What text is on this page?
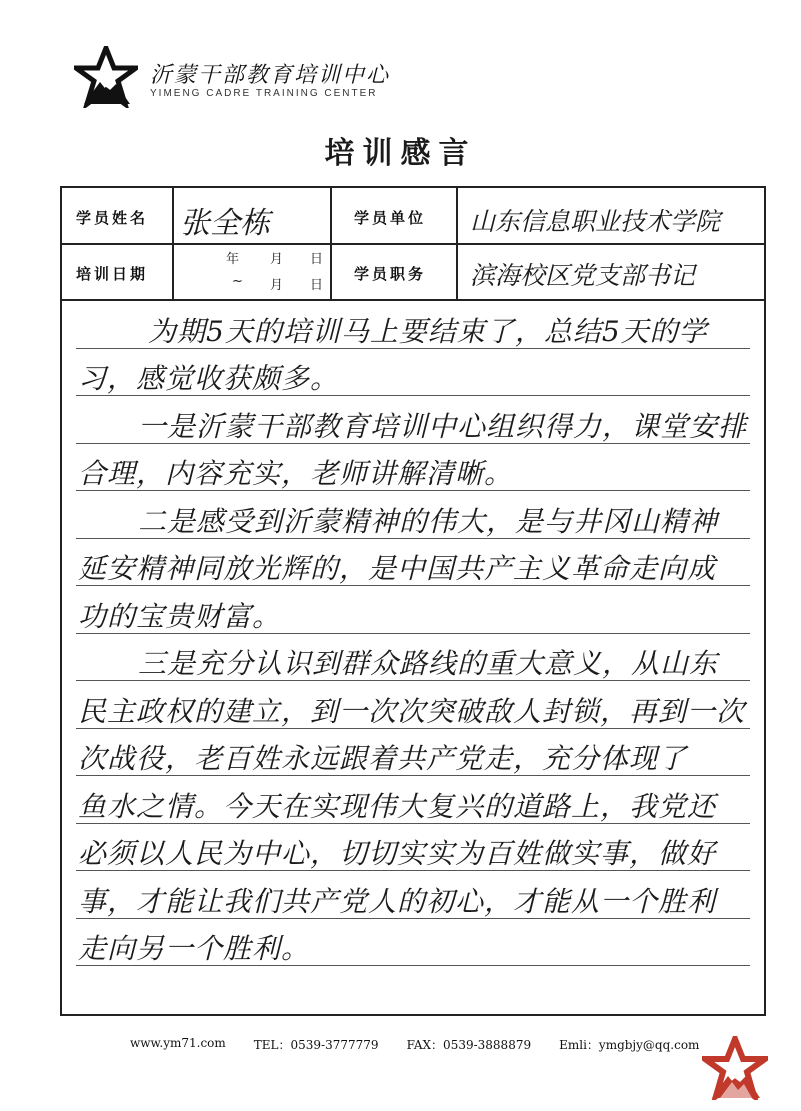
沂蒙干部教育培训中心
YIMENG CADRE TRAINING CENTER
培训感言
学员姓名 张全栋	学员单位 山东信息职业技术学院
培训日期
年 月 日
~ 月 日
学员职务 滨海校区党支部书记
为期5天的培训马上要结束了，总结5天的学
习，感觉收获颇多。
一是沂蒙干部教育培训中心组织得力，课堂安排
合理，内容充实，老师讲解清晰。
二是感受到沂蒙精神的伟大，是与井冈山精神
延安精神同放光辉的，是中国共产主义革命走向成
功的宝贵财富。
三是充分认识到群众路线的重大意义，从山东
民主政权的建立，到一次次突破敌人封锁，再到一次
次战役，老百姓永远跟着共产党走，充分体现了
鱼水之情。今天在实现伟大复兴的道路上，我党还
必须以人民为中心，切切实实为百姓做实事，做好
事，才能让我们共产党人的初心，才能从一个胜利
走向另一个胜利。
www.ym71.com TEL：0539-3777779 FAX：0539-3888879 Emli：ymgbjy@qq.com
